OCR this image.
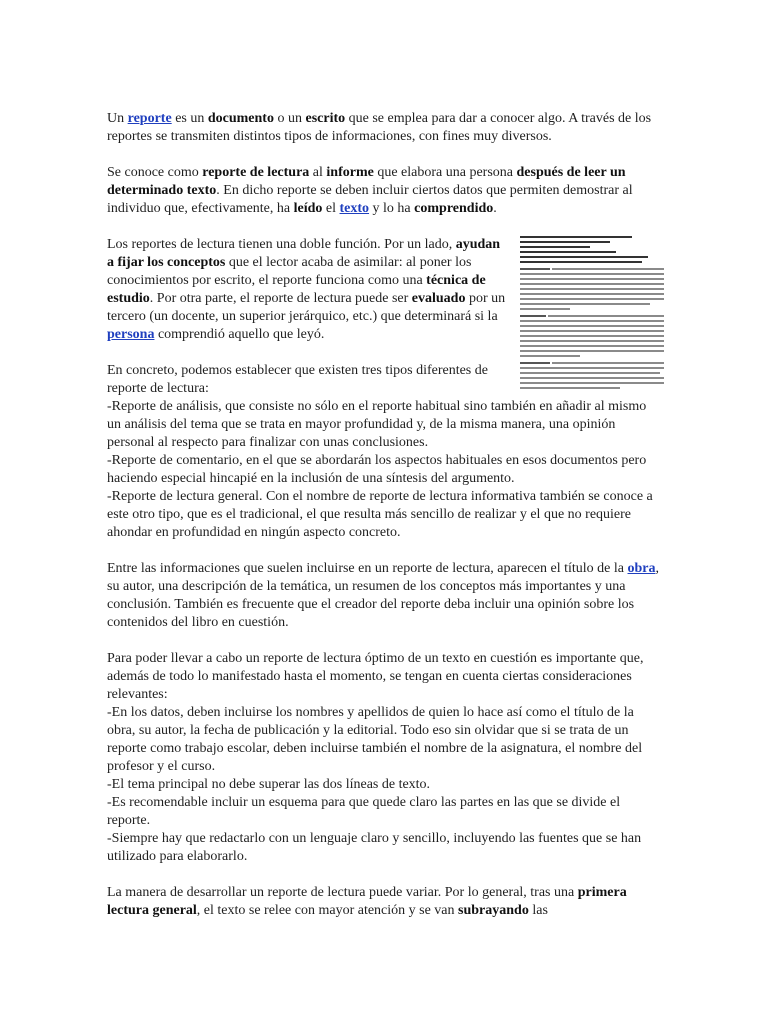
Un reporte es un documento o un escrito que se emplea para dar a conocer algo. A través de los reportes se transmiten distintos tipos de informaciones, con fines muy diversos.

Se conoce como reporte de lectura al informe que elabora una persona después de leer un determinado texto. En dicho reporte se deben incluir ciertos datos que permiten demostrar al individuo que, efectivamente, ha leído el texto y lo ha comprendido.

Los reportes de lectura tienen una doble función. Por un lado, ayudan a fijar los conceptos que el lector acaba de asimilar: al poner los conocimientos por escrito, el reporte funciona como una técnica de estudio. Por otra parte, el reporte de lectura puede ser evaluado por un tercero (un docente, un superior jerárquico, etc.) que determinará si la persona comprendió aquello que leyó.

En concreto, podemos establecer que existen tres tipos diferentes de reporte de lectura:
-Reporte de análisis, que consiste no sólo en el reporte habitual sino también en añadir al mismo un análisis del tema que se trata en mayor profundidad y, de la misma manera, una opinión personal al respecto para finalizar con unas conclusiones.
-Reporte de comentario, en el que se abordarán los aspectos habituales en esos documentos pero haciendo especial hincapié en la inclusión de una síntesis del argumento.
-Reporte de lectura general. Con el nombre de reporte de lectura informativa también se conoce a este otro tipo, que es el tradicional, el que resulta más sencillo de realizar y el que no requiere ahondar en profundidad en ningún aspecto concreto.

Entre las informaciones que suelen incluirse en un reporte de lectura, aparecen el título de la obra, su autor, una descripción de la temática, un resumen de los conceptos más importantes y una conclusión. También es frecuente que el creador del reporte deba incluir una opinión sobre los contenidos del libro en cuestión.

Para poder llevar a cabo un reporte de lectura óptimo de un texto en cuestión es importante que, además de todo lo manifestado hasta el momento, se tengan en cuenta ciertas consideraciones relevantes:
-En los datos, deben incluirse los nombres y apellidos de quien lo hace así como el título de la obra, su autor, la fecha de publicación y la editorial. Todo eso sin olvidar que si se trata de un reporte como trabajo escolar, deben incluirse también el nombre de la asignatura, el nombre del profesor y el curso.
-El tema principal no debe superar las dos líneas de texto.
-Es recomendable incluir un esquema para que quede claro las partes en las que se divide el reporte.
-Siempre hay que redactarlo con un lenguaje claro y sencillo, incluyendo las fuentes que se han utilizado para elaborarlo.

La manera de desarrollar un reporte de lectura puede variar. Por lo general, tras una primera lectura general, el texto se relee con mayor atención y se van subrayando las
